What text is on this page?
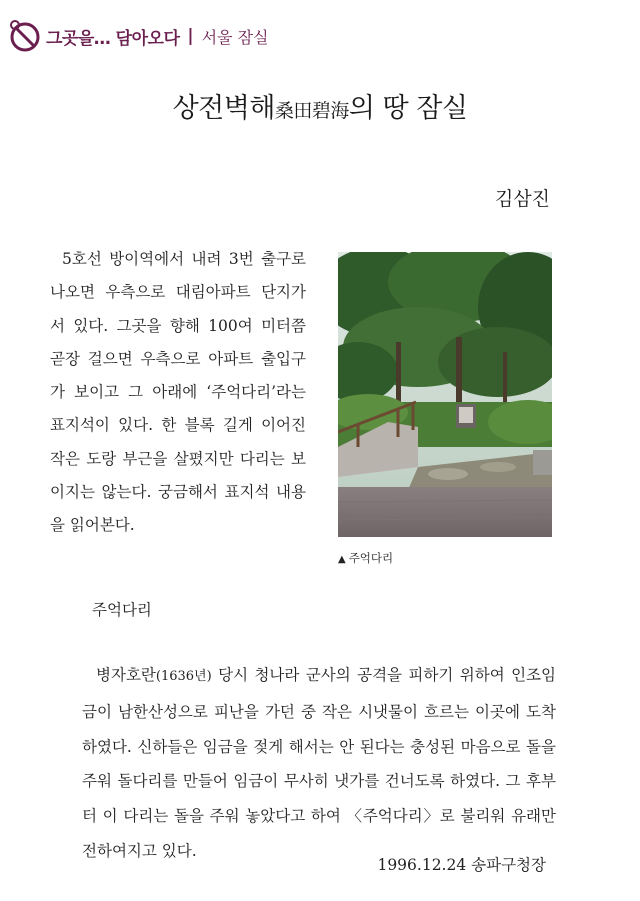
그곳을… 담아오다 | 서울 잠실
상전벽해桑田碧海의 땅 잠실
김삼진

5호선 방이역에서 내려 3번 출구로 나오면 우측으로 대림아파트 단지가 서 있다. 그곳을 향해 100여 미터쯤 곧장 걸으면 우측으로 아파트 출입구가 보이고 그 아래에 ‘주억다리’라는 표지석이 있다. 한 블록 길게 이어진 작은 도랑 부근을 살폈지만 다리는 보이지는 않는다. 궁금해서 표지석 내용을 읽어본다.

▲ 주억다리
주억다리

병자호란(1636년) 당시 청나라 군사의 공격을 피하기 위하여 인조임금이 남한산성으로 피난을 가던 중 작은 시냇물이 흐르는 이곳에 도착하였다. 신하들은 임금을 젖게 해서는 안 된다는 충성된 마음으로 돌을 주워 돌다리를 만들어 임금이 무사히 냇가를 건너도록 하였다. 그 후부터 이 다리는 돌을 주워 놓았다고 하여 〈주억다리〉로 불리워 유래만 전하여지고 있다.

1996.12.24 송파구청장
